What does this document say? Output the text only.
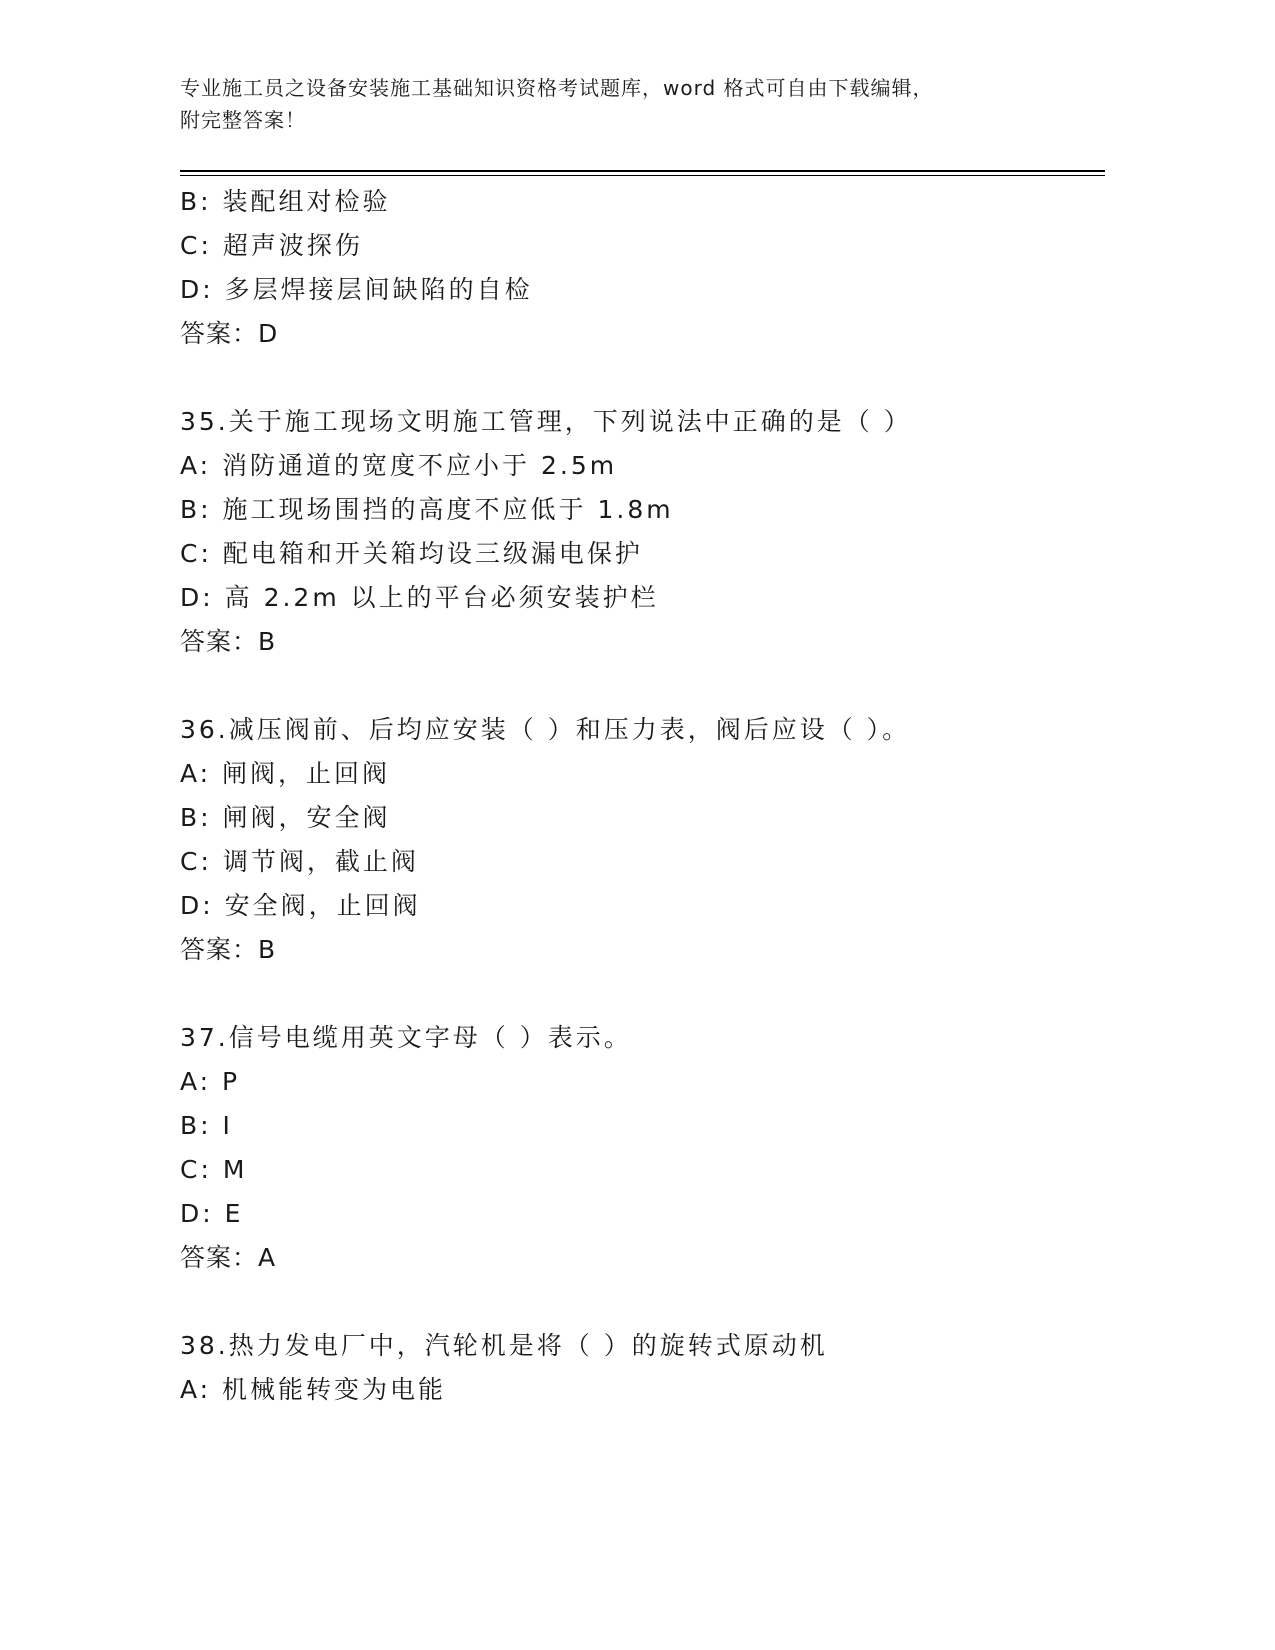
专业施工员之设备安装施工基础知识资格考试题库，word 格式可自由下载编辑，
附完整答案！
B: 装配组对检验
C: 超声波探伤
D: 多层焊接层间缺陷的自检
答案：D
35.关于施工现场文明施工管理，下列说法中正确的是（ ）
A: 消防通道的宽度不应小于 2.5m
B: 施工现场围挡的高度不应低于 1.8m
C: 配电箱和开关箱均设三级漏电保护
D: 高 2.2m 以上的平台必须安装护栏
答案：B
36.减压阀前、后均应安装（ ）和压力表，阀后应设（ ）。
A: 闸阀，止回阀
B: 闸阀，安全阀
C: 调节阀，截止阀
D: 安全阀，止回阀
答案：B
37.信号电缆用英文字母（ ）表示。
A: P
B: I
C: M
D: E
答案：A
38.热力发电厂中，汽轮机是将（ ）的旋转式原动机
A: 机械能转变为电能
